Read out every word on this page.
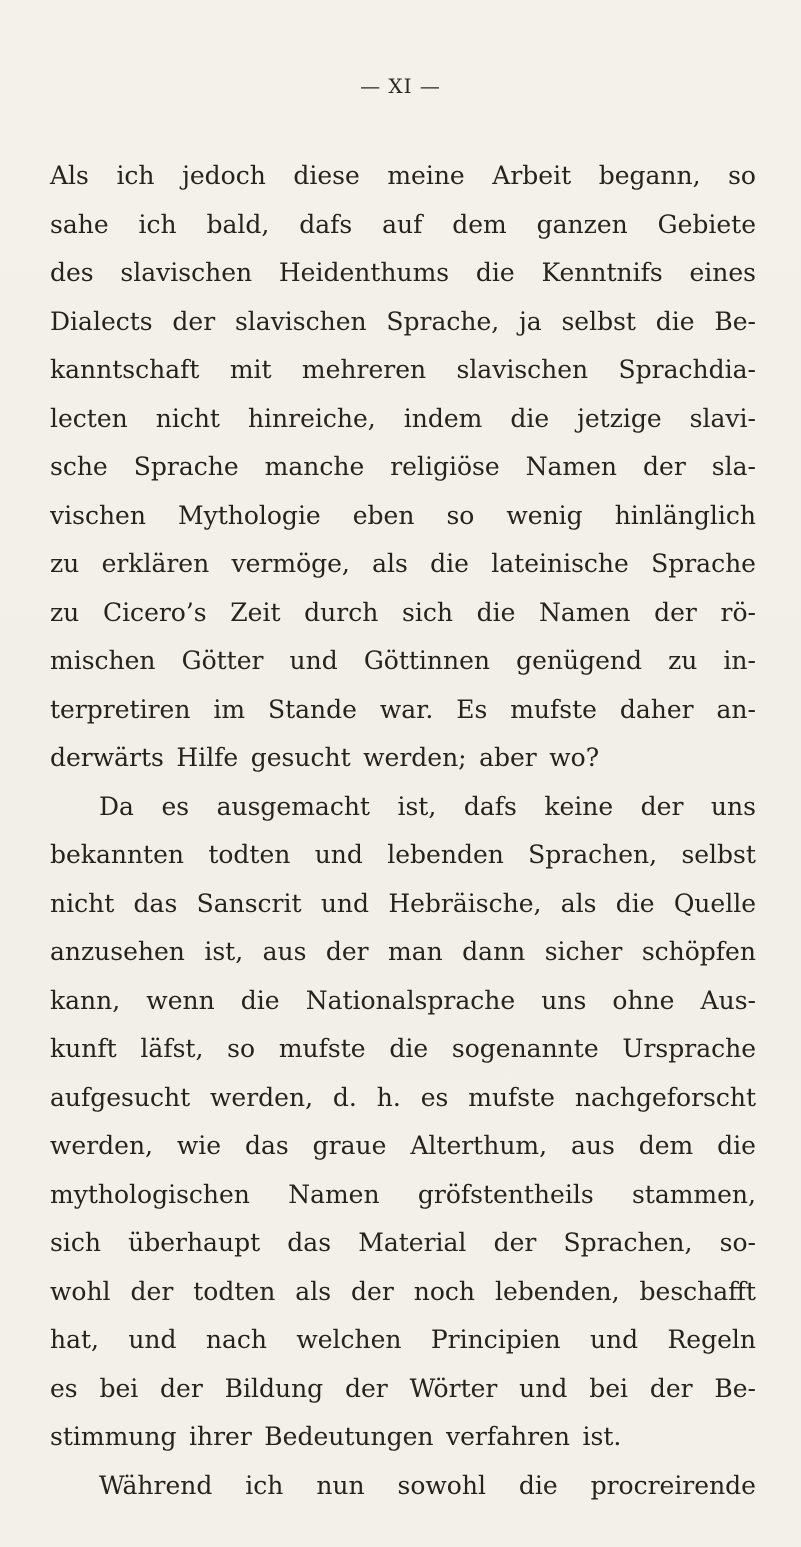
— XI —
Als ich jedoch diese meine Arbeit begann, so
sahe ich bald, dafs auf dem ganzen Gebiete
des slavischen Heidenthums die Kenntnifs eines
Dialects der slavischen Sprache, ja selbst die Be-
kanntschaft mit mehreren slavischen Sprachdia-
lecten nicht hinreiche, indem die jetzige slavi-
sche Sprache manche religiöse Namen der sla-
vischen Mythologie eben so wenig hinlänglich
zu erklären vermöge, als die lateinische Sprache
zu Cicero’s Zeit durch sich die Namen der rö-
mischen Götter und Göttinnen genügend zu in-
terpretiren im Stande war. Es mufste daher an-
derwärts Hilfe gesucht werden; aber wo?
Da es ausgemacht ist, dafs keine der uns
bekannten todten und lebenden Sprachen, selbst
nicht das Sanscrit und Hebräische, als die Quelle
anzusehen ist, aus der man dann sicher schöpfen
kann, wenn die Nationalsprache uns ohne Aus-
kunft läfst, so mufste die sogenannte Ursprache
aufgesucht werden, d. h. es mufste nachgeforscht
werden, wie das graue Alterthum, aus dem die
mythologischen Namen gröfstentheils stammen,
sich überhaupt das Material der Sprachen, so-
wohl der todten als der noch lebenden, beschafft
hat, und nach welchen Principien und Regeln
es bei der Bildung der Wörter und bei der Be-
stimmung ihrer Bedeutungen verfahren ist.
Während ich nun sowohl die procreirende
